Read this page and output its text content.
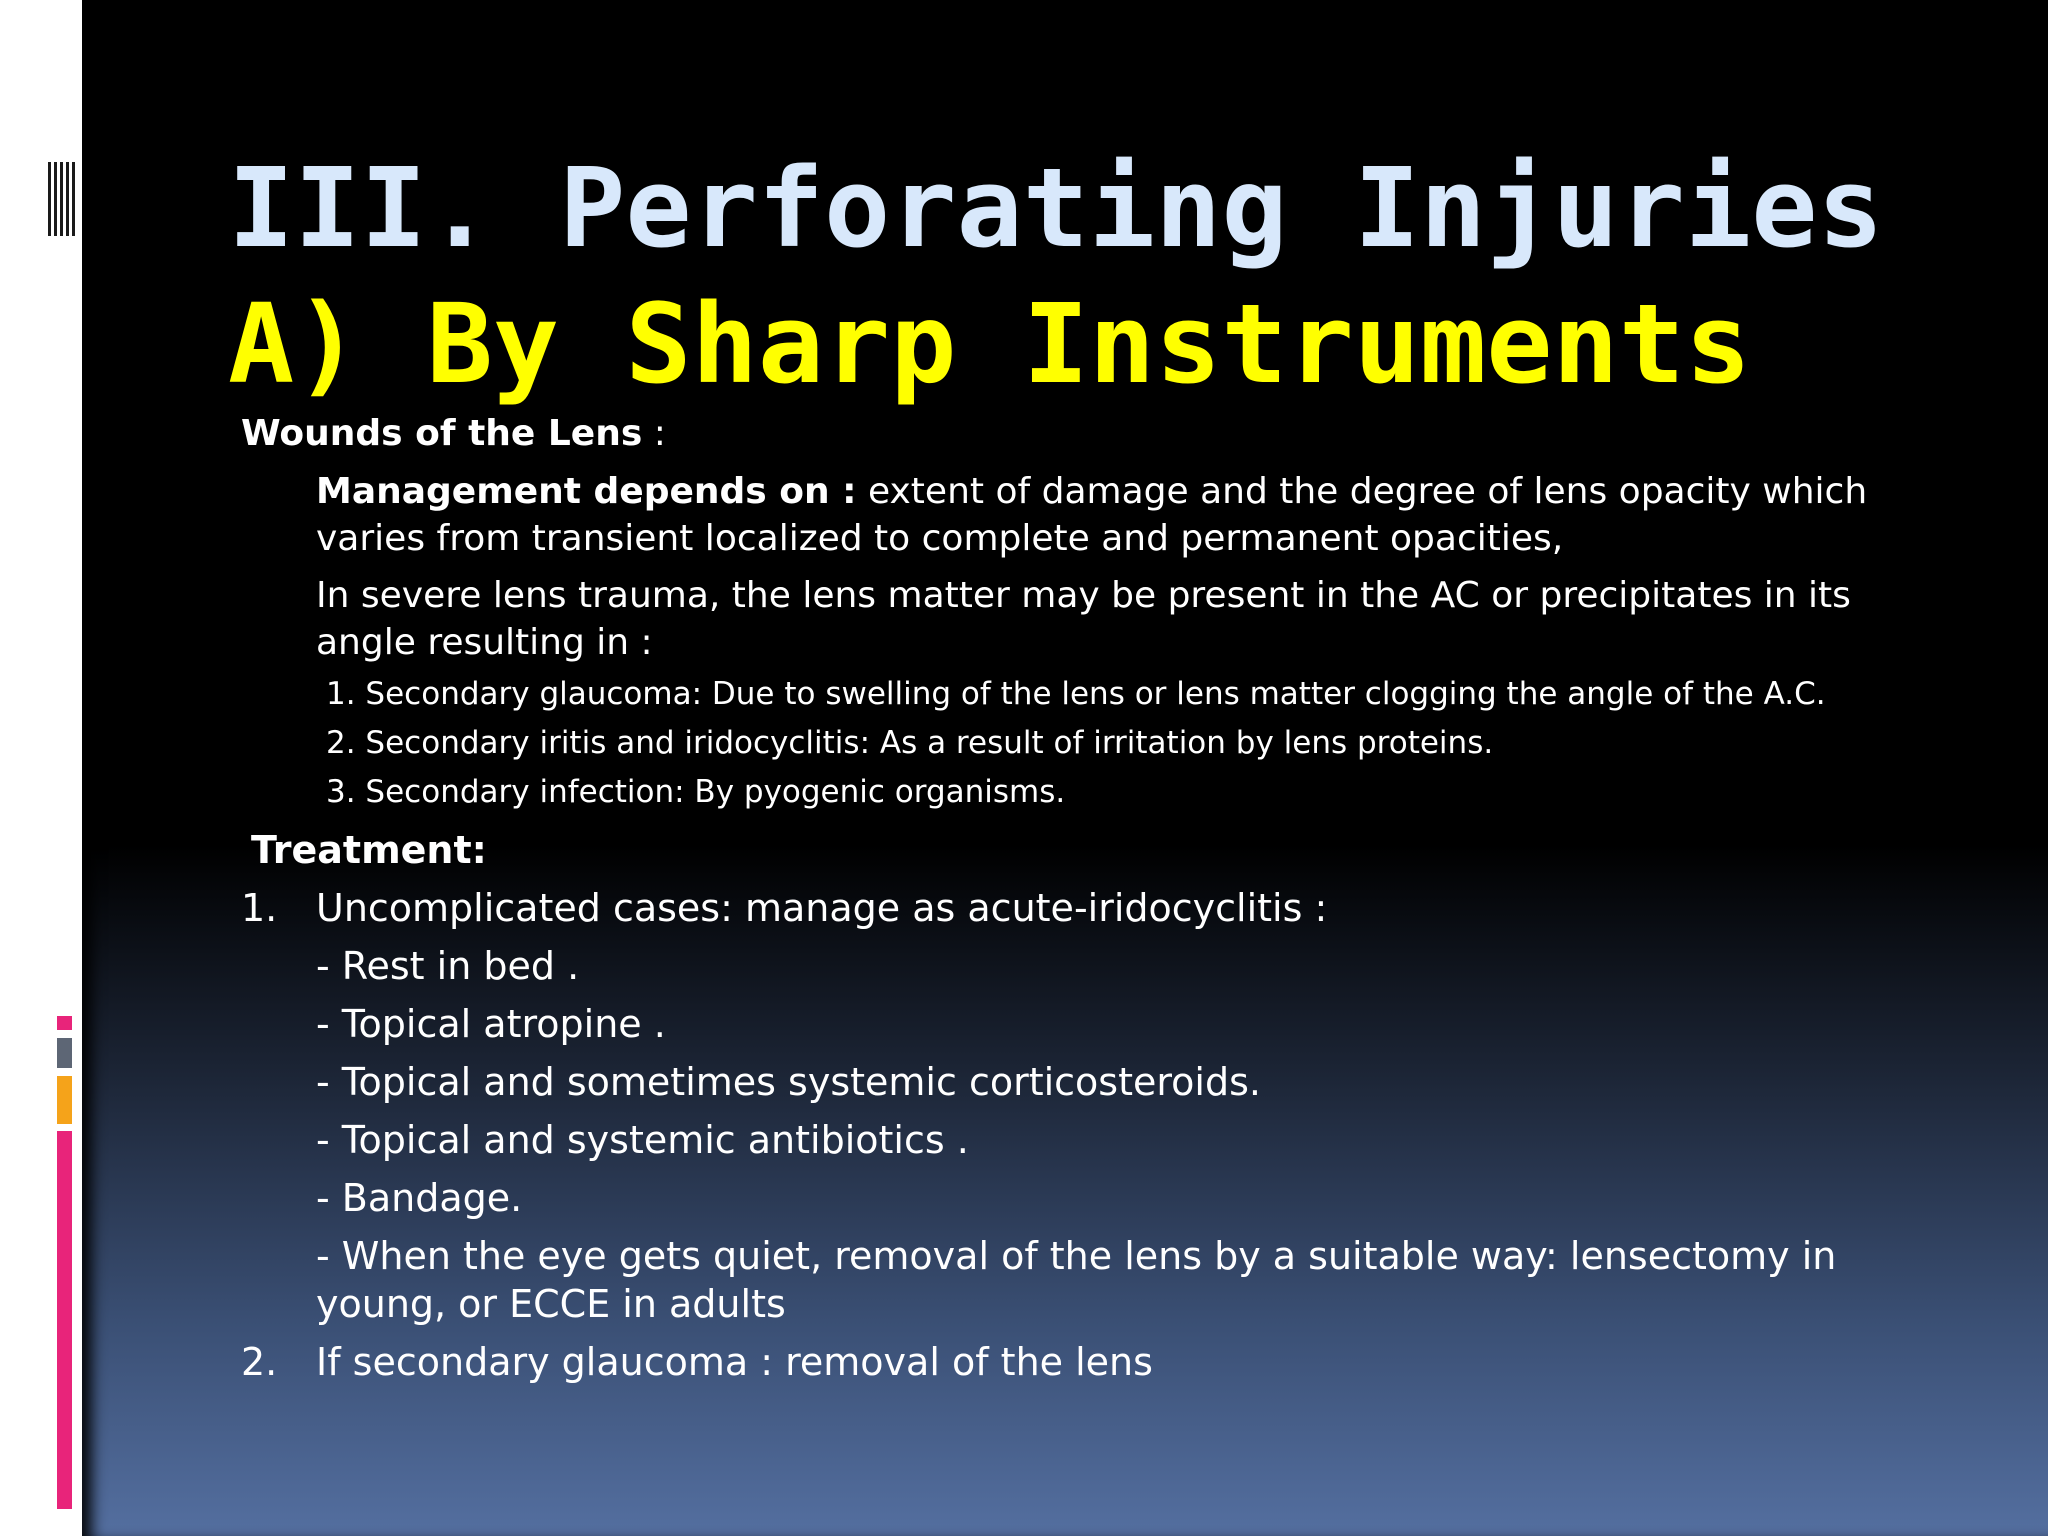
III. Perforating Injuries
A) By Sharp Instruments

Wounds of the Lens :

Management depends on : extent of damage and the degree of lens opacity which varies from transient localized to complete and permanent opacities,

In severe lens trauma, the lens matter may be present in the AC or precipitates in its angle resulting in :

1. Secondary glaucoma: Due to swelling of the lens or lens matter clogging the angle of the A.C.

2. Secondary iritis and iridocyclitis: As a result of irritation by lens proteins.

3. Secondary infection: By pyogenic organisms.

Treatment:

1.	Uncomplicated cases: manage as acute-iridocyclitis :

- Rest in bed .

- Topical atropine .

- Topical and sometimes systemic corticosteroids.

- Topical and systemic antibiotics .

- Bandage.

- When the eye gets quiet, removal of the lens by a suitable way: lensectomy in young, or ECCE in adults

2.	If secondary glaucoma : removal of the lens
